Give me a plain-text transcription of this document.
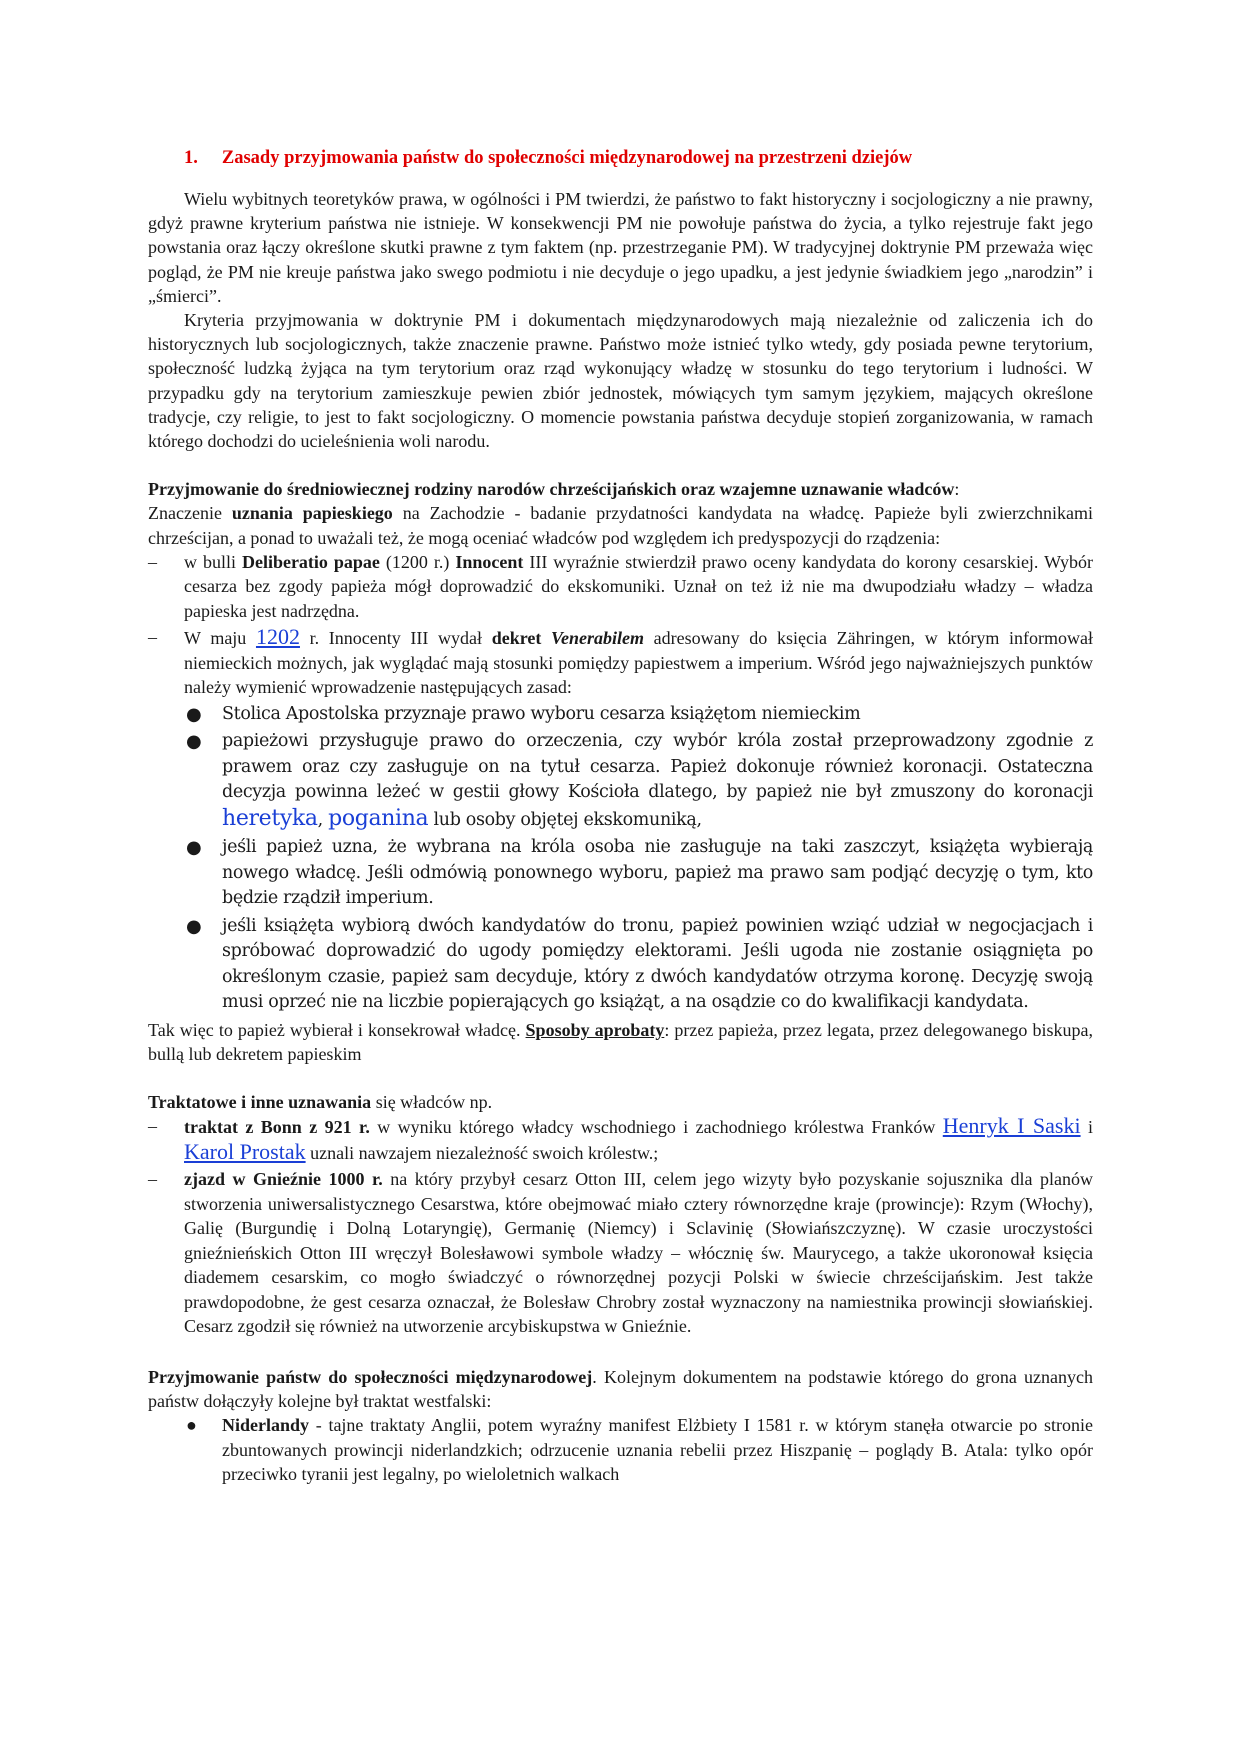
1. Zasady przyjmowania państw do społeczności międzynarodowej na przestrzeni dziejów

Wielu wybitnych teoretyków prawa, w ogólności i PM twierdzi, że państwo to fakt historyczny i socjologiczny a nie prawny, gdyż prawne kryterium państwa nie istnieje. W konsekwencji PM nie powołuje państwa do życia, a tylko rejestruje fakt jego powstania oraz łączy określone skutki prawne z tym faktem (np. przestrzeganie PM). W tradycyjnej doktrynie PM przeważa więc pogląd, że PM nie kreuje państwa jako swego podmiotu i nie decyduje o jego upadku, a jest jedynie świadkiem jego „narodzin” i „śmierci”.

Kryteria przyjmowania w doktrynie PM i dokumentach międzynarodowych mają niezależnie od zaliczenia ich do historycznych lub socjologicznych, także znaczenie prawne. Państwo może istnieć tylko wtedy, gdy posiada pewne terytorium, społeczność ludzką żyjąca na tym terytorium oraz rząd wykonujący władzę w stosunku do tego terytorium i ludności. W przypadku gdy na terytorium zamieszkuje pewien zbiór jednostek, mówiących tym samym językiem, mających określone tradycje, czy religie, to jest to fakt socjologiczny. O momencie powstania państwa decyduje stopień zorganizowania, w ramach którego dochodzi do ucieleśnienia woli narodu.

Przyjmowanie do średniowiecznej rodziny narodów chrześcijańskich oraz wzajemne uznawanie władców:
Znaczenie uznania papieskiego na Zachodzie - badanie przydatności kandydata na władcę. Papieże byli zwierzchnikami chrześcijan, a ponad to uważali też, że mogą oceniać władców pod względem ich predyspozycji do rządzenia:

– w bulli Deliberatio papae (1200 r.) Innocent III wyraźnie stwierdził prawo oceny kandydata do korony cesarskiej. Wybór cesarza bez zgody papieża mógł doprowadzić do ekskomuniki. Uznał on też iż nie ma dwupodziału władzy – władza papieska jest nadrzędna.
– W maju 1202 r. Innocenty III wydał dekret Venerabilem adresowany do księcia Zähringen, w którym informował niemieckich możnych, jak wyglądać mają stosunki pomiędzy papiestwem a imperium. Wśród jego najważniejszych punktów należy wymienić wprowadzenie następujących zasad:
● Stolica Apostolska przyznaje prawo wyboru cesarza książętom niemieckim
● papieżowi przysługuje prawo do orzeczenia, czy wybór króla został przeprowadzony zgodnie z prawem oraz czy zasługuje on na tytuł cesarza. Papież dokonuje również koronacji. Ostateczna decyzja powinna leżeć w gestii głowy Kościoła dlatego, by papież nie był zmuszony do koronacji heretyka, poganina lub osoby objętej ekskomuniką,
● jeśli papież uzna, że wybrana na króla osoba nie zasługuje na taki zaszczyt, książęta wybierają nowego władcę. Jeśli odmówią ponownego wyboru, papież ma prawo sam podjąć decyzję o tym, kto będzie rządził imperium.
● jeśli książęta wybiorą dwóch kandydatów do tronu, papież powinien wziąć udział w negocjacjach i spróbować doprowadzić do ugody pomiędzy elektorami. Jeśli ugoda nie zostanie osiągnięta po określonym czasie, papież sam decyduje, który z dwóch kandydatów otrzyma koronę. Decyzję swoją musi oprzeć nie na liczbie popierających go książąt, a na osądzie co do kwalifikacji kandydata.

Tak więc to papież wybierał i konsekrował władcę. Sposoby aprobaty: przez papieża, przez legata, przez delegowanego biskupa, bullą lub dekretem papieskim

Traktatowe i inne uznawania się władców np.

– traktat z Bonn z 921 r. w wyniku którego władcy wschodniego i zachodniego królestwa Franków Henryk I Saski i Karol Prostak uznali nawzajem niezależność swoich królestw.;
– zjazd w Gnieźnie 1000 r. na który przybył cesarz Otton III, celem jego wizyty było pozyskanie sojusznika dla planów stworzenia uniwersalistycznego Cesarstwa, które obejmować miało cztery równorzędne kraje (prowincje): Rzym (Włochy), Galię (Burgundię i Dolną Lotaryngię), Germanię (Niemcy) i Sclavinię (Słowiańszczyznę). W czasie uroczystości gnieźnieńskich Otton III wręczył Bolesławowi symbole władzy – włócznię św. Maurycego, a także ukoronował księcia diademem cesarskim, co mogło świadczyć o równorzędnej pozycji Polski w świecie chrześcijańskim. Jest także prawdopodobne, że gest cesarza oznaczał, że Bolesław Chrobry został wyznaczony na namiestnika prowincji słowiańskiej. Cesarz zgodził się również na utworzenie arcybiskupstwa w Gnieźnie.

Przyjmowanie państw do społeczności międzynarodowej. Kolejnym dokumentem na podstawie którego do grona uznanych państw dołączyły kolejne był traktat westfalski:

● Niderlandy - tajne traktaty Anglii, potem wyraźny manifest Elżbiety I 1581 r. w którym stanęła otwarcie po stronie zbuntowanych prowincji niderlandzkich; odrzucenie uznania rebelii przez Hiszpanię – poglądy B. Atala: tylko opór przeciwko tyranii jest legalny, po wieloletnich walkach
